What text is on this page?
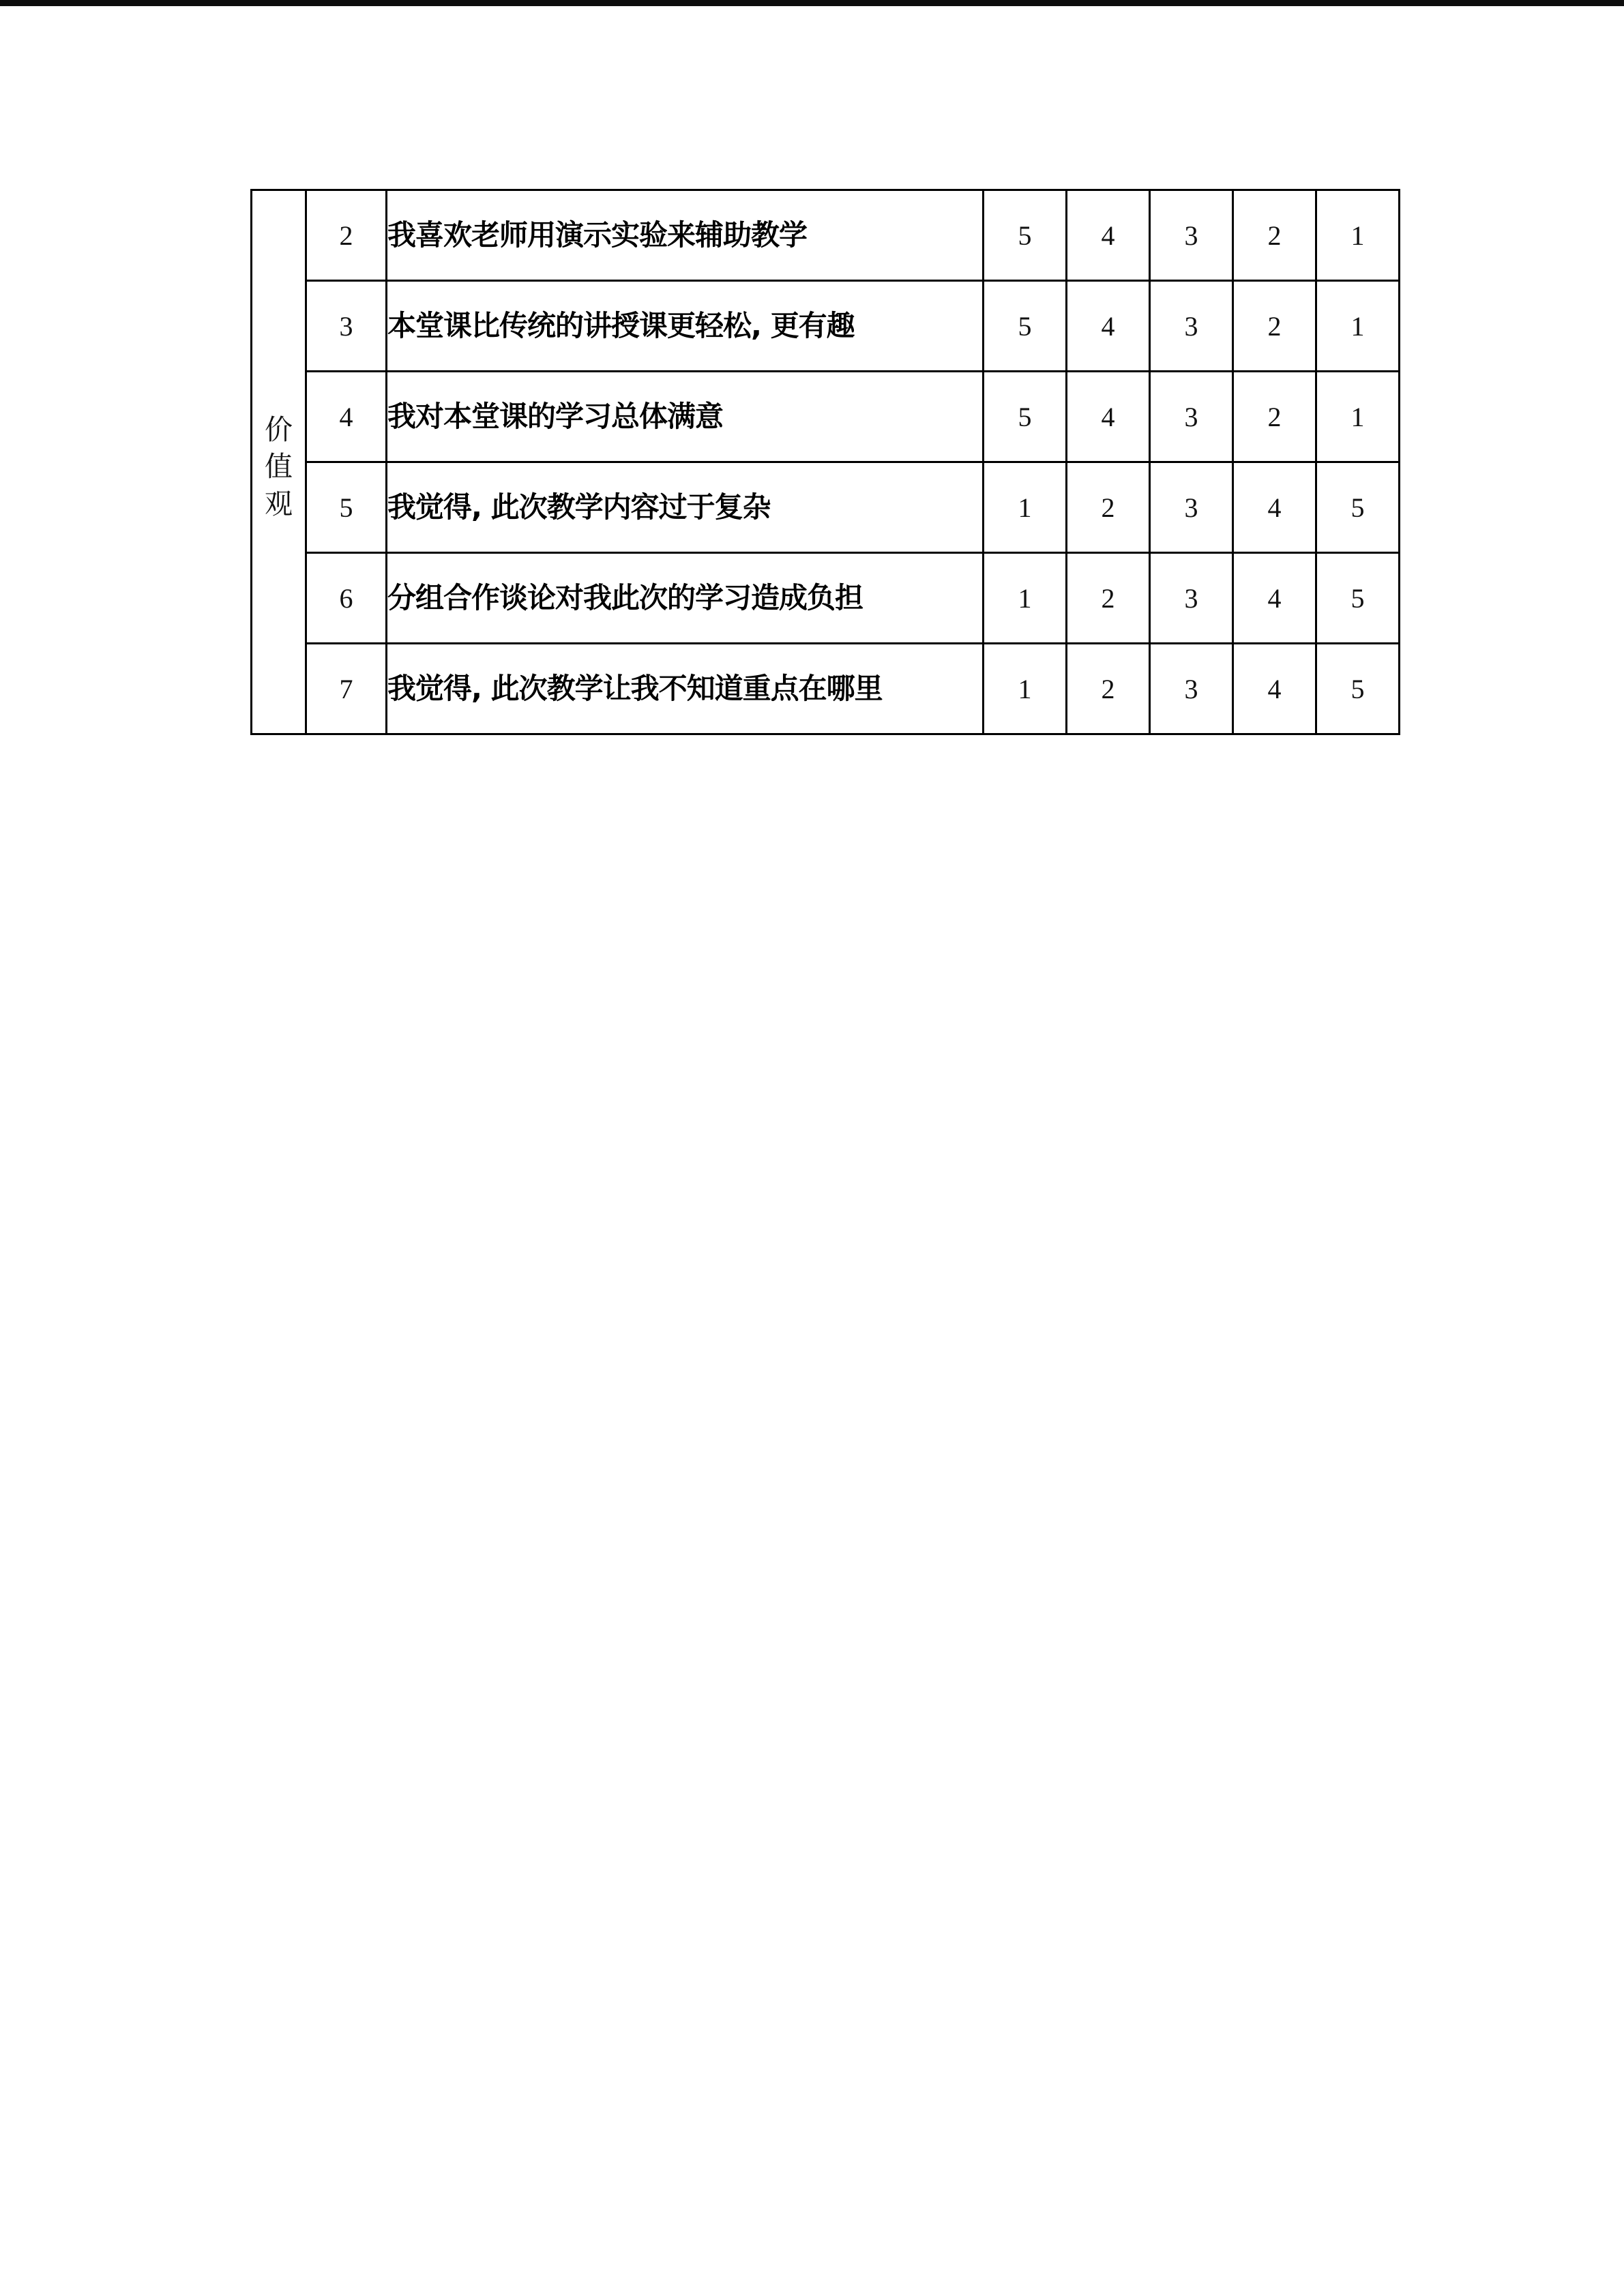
价
值
观	2	我喜欢老师用演示实验来辅助教学	5	4	3	2	1
	3	本堂课比传统的讲授课更轻松, 更有趣	5	4	3	2	1
	4	我对本堂课的学习总体满意	5	4	3	2	1
	5	我觉得, 此次教学内容过于复杂	1	2	3	4	5
	6	分组合作谈论对我此次的学习造成负担	1	2	3	4	5
	7	我觉得, 此次教学让我不知道重点在哪里	1	2	3	4	5
